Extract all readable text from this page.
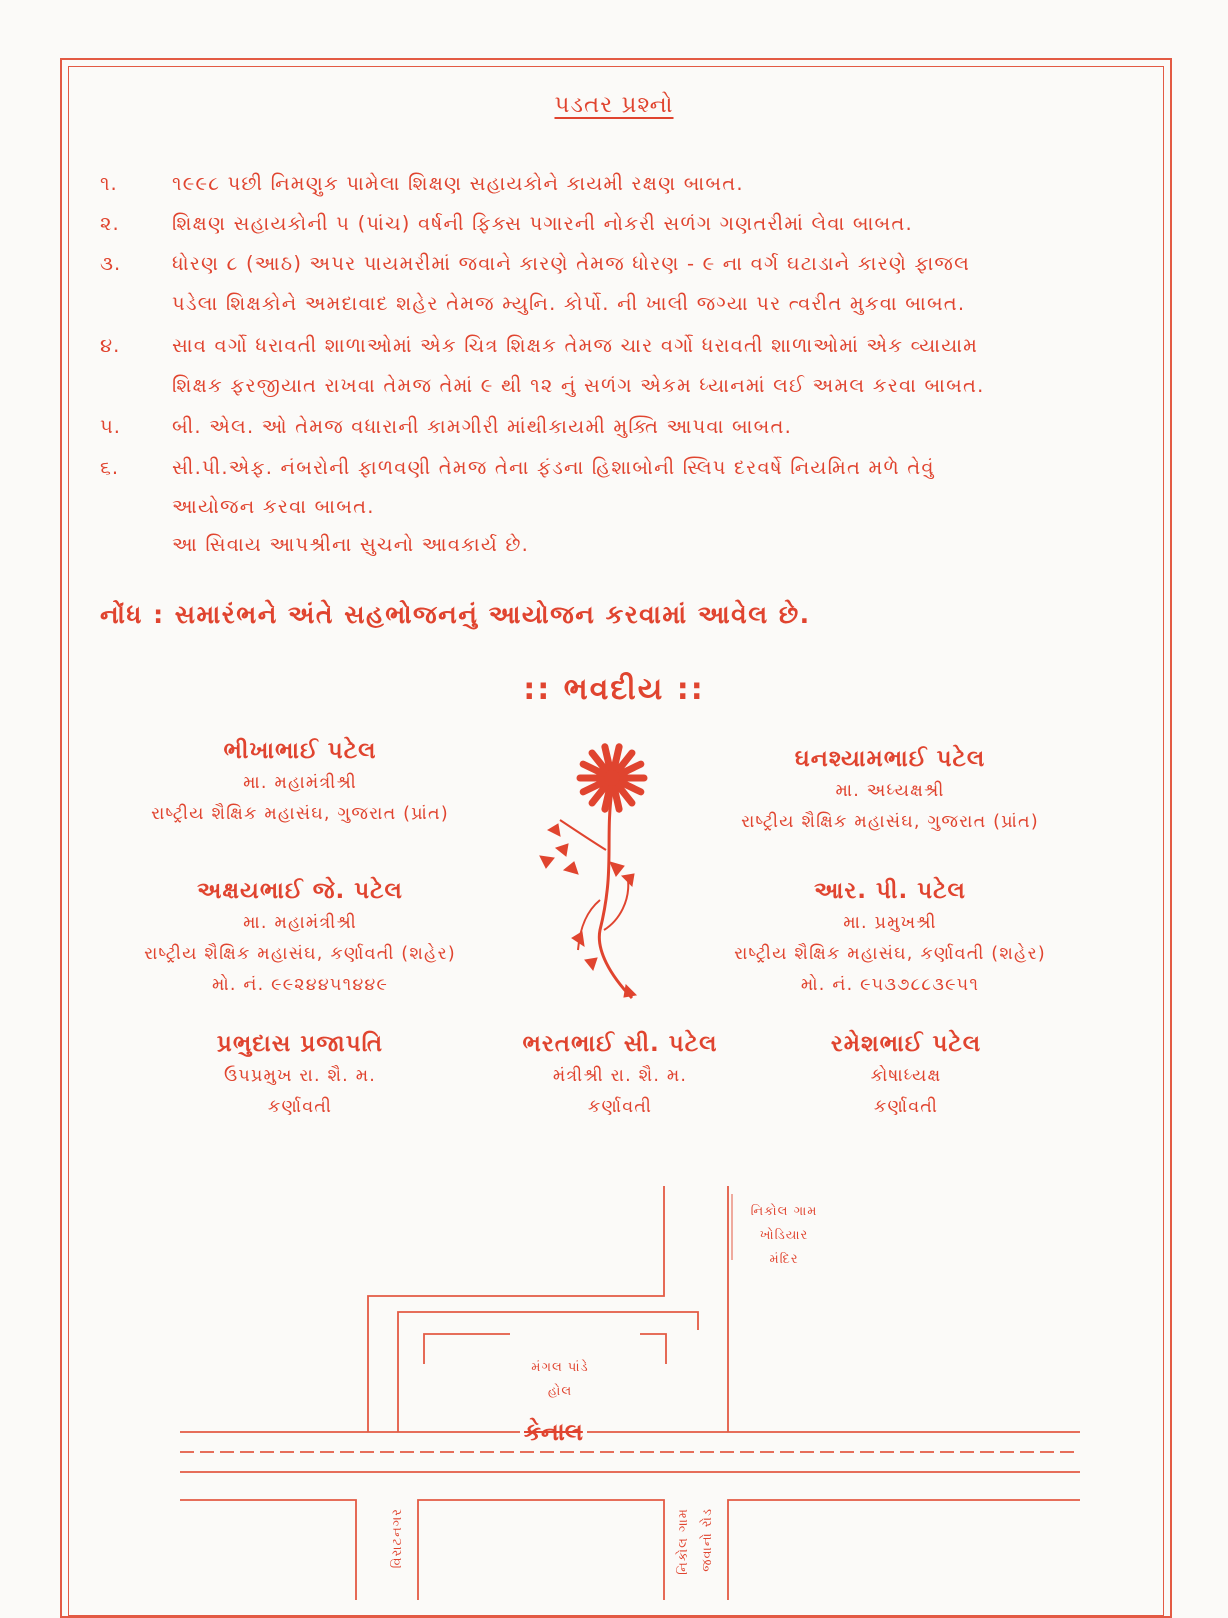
પડતર પ્રશ્નો
૧.	૧૯૯૮ પછી નિમણુક પામેલા શિક્ષણ સહાયકોને કાયમી રક્ષણ બાબત.
૨.	શિક્ષણ સહાયકોની ૫ (પાંચ) વર્ષની ફિક્સ પગારની નોકરી સળંગ ગણતરીમાં લેવા બાબત.
૩.	ધોરણ ૮ (આઠ) અપર પાયમરીમાં જવાને કારણે તેમજ ધોરણ - ૯ ના વર્ગ ઘટાડાને કારણે ફાજલ
પડેલા શિક્ષકોને અમદાવાદ શહેર તેમજ મ્યુનિ. કોર્પો. ની ખાલી જગ્યા પર ત્વરીત મુકવા બાબત.
૪.	સાવ વર્ગો ધરાવતી શાળાઓમાં એક ચિત્ર શિક્ષક તેમજ ચાર વર્ગો ધરાવતી શાળાઓમાં એક વ્યાયામ
શિક્ષક ફરજીયાત રાખવા તેમજ તેમાં ૯ થી ૧૨ નું સળંગ એકમ ધ્યાનમાં લઈ અમલ કરવા બાબત.
૫.	બી. એલ. ઓ તેમજ વધારાની કામગીરી માંથીકાયમી મુક્તિ આપવા બાબત.
૬.	સી.પી.એફ. નંબરોની ફાળવણી તેમજ તેના ફંડના હિશાબોની સ્લિપ દરવર્ષે નિયમિત મળે તેવું
આયોજન કરવા બાબત.
આ સિવાય આપશ્રીના સુચનો આવકાર્ય છે.
નોંધ : સમારંભને અંતે સહભોજનનું આયોજન કરવામાં આવેલ છે.
:: ભવદીય ::
ભીખાભાઈ પટેલ
મા. મહામંત્રીશ્રી
રાષ્ટ્રીય શૈક્ષિક મહાસંઘ, ગુજરાત (પ્રાંત)
ઘનશ્યામભાઈ પટેલ
મા. અધ્યક્ષશ્રી
રાષ્ટ્રીય શૈક્ષિક મહાસંઘ, ગુજરાત (પ્રાંત)
અક્ષયભાઈ જે. પટેલ
મા. મહામંત્રીશ્રી
રાષ્ટ્રીય શૈક્ષિક મહાસંઘ, કર્ણાવતી (શહેર)
મો. નં. ૯૯૨૪૪૫૧૪૪૯
આર. પી. પટેલ
મા. પ્રમુખશ્રી
રાષ્ટ્રીય શૈક્ષિક મહાસંઘ, કર્ણાવતી (શહેર)
મો. નં. ૯૫૩૭૮૮૩૯૫૧
પ્રભુદાસ પ્રજાપતિ
ઉપપ્રમુખ રા. શૈ. મ.
કર્ણાવતી
ભરતભાઈ સી. પટેલ
મંત્રીશ્રી રા. શૈ. મ.
કર્ણાવતી
રમેશભાઈ પટેલ
કોષાધ્યક્ષ
કર્ણાવતી
નિકોલ ગામ
ખોડિયાર
મંદિર
મંગલ પાંડે
હોલ
કેનાલ
વિરાટનગર	નિકોલ ગામ જવાનો રોડ
